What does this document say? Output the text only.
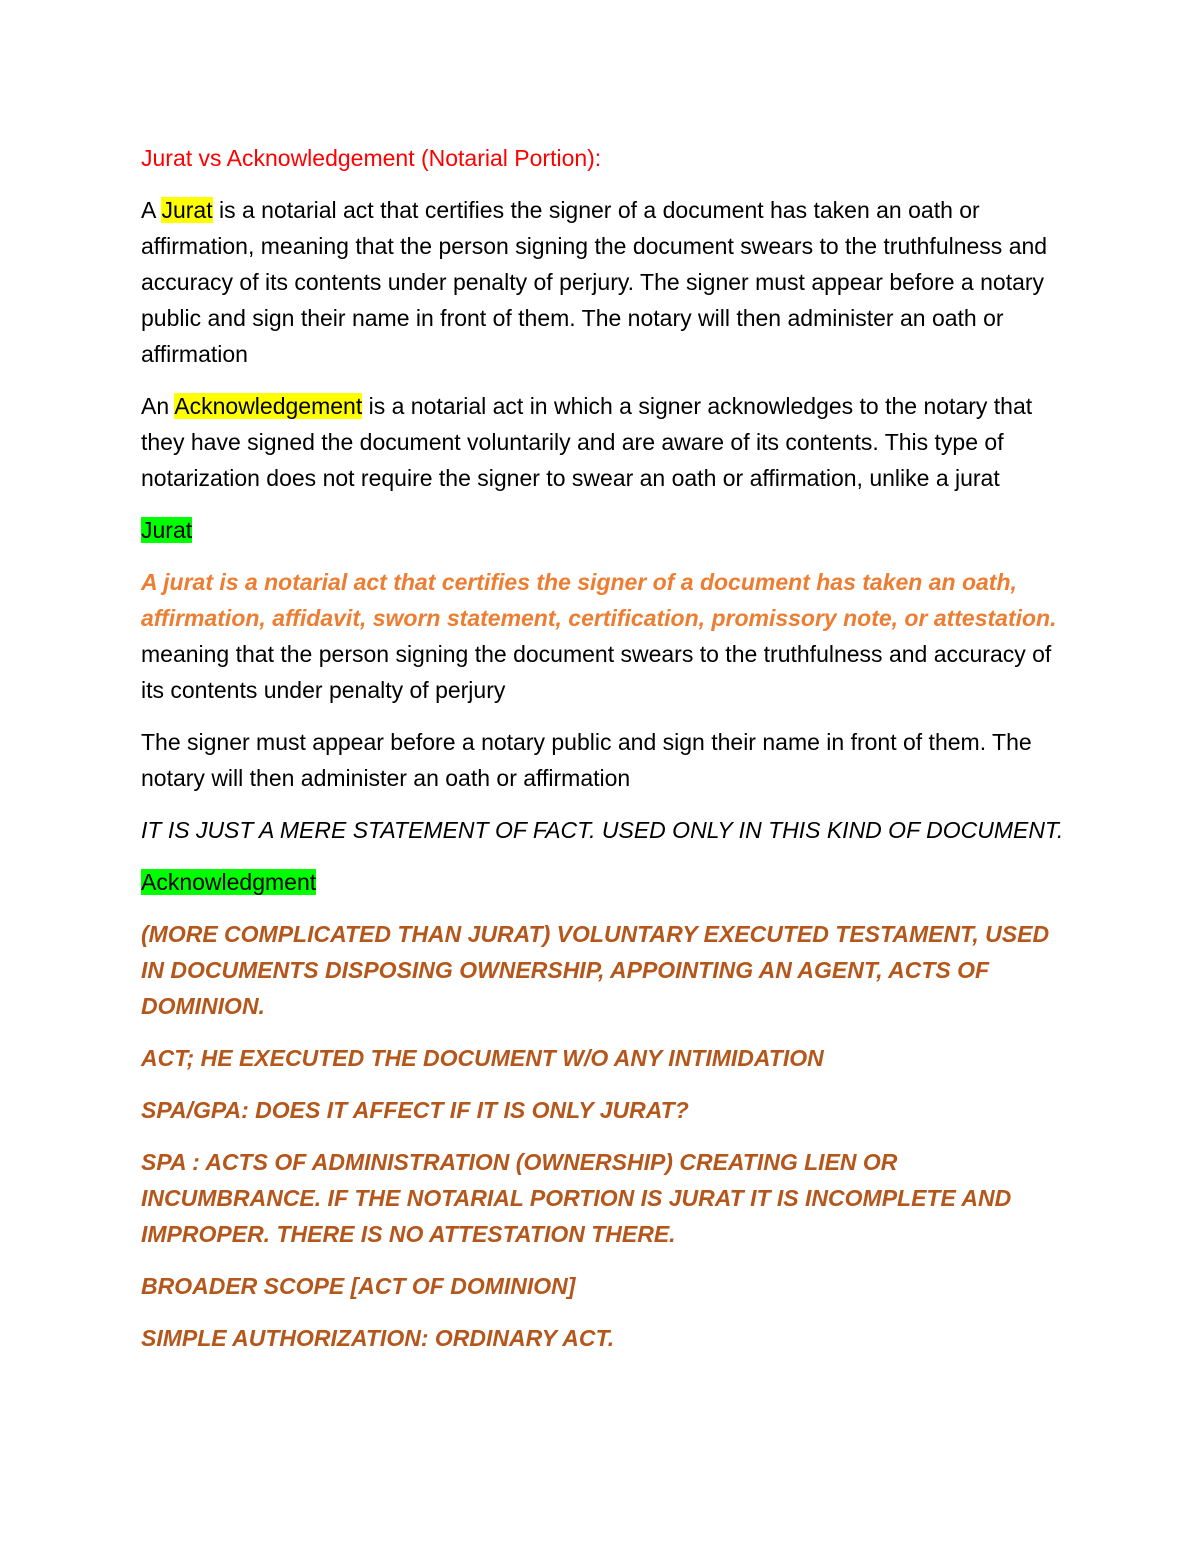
Jurat vs Acknowledgement (Notarial Portion):

A Jurat is a notarial act that certifies the signer of a document has taken an oath or affirmation, meaning that the person signing the document swears to the truthfulness and accuracy of its contents under penalty of perjury. The signer must appear before a notary public and sign their name in front of them. The notary will then administer an oath or affirmation

An Acknowledgement is a notarial act in which a signer acknowledges to the notary that they have signed the document voluntarily and are aware of its contents. This type of notarization does not require the signer to swear an oath or affirmation, unlike a jurat

Jurat

A jurat is a notarial act that certifies the signer of a document has taken an oath, affirmation, affidavit, sworn statement, certification, promissory note, or attestation. meaning that the person signing the document swears to the truthfulness and accuracy of its contents under penalty of perjury

The signer must appear before a notary public and sign their name in front of them. The notary will then administer an oath or affirmation

IT IS JUST A MERE STATEMENT OF FACT. USED ONLY IN THIS KIND OF DOCUMENT.

Acknowledgment

(MORE COMPLICATED THAN JURAT) VOLUNTARY EXECUTED TESTAMENT, USED IN DOCUMENTS DISPOSING OWNERSHIP, APPOINTING AN AGENT, ACTS OF DOMINION.

ACT; HE EXECUTED THE DOCUMENT W/O ANY INTIMIDATION

SPA/GPA: DOES IT AFFECT IF IT IS ONLY JURAT?

SPA : ACTS OF ADMINISTRATION (OWNERSHIP) CREATING LIEN OR INCUMBRANCE. IF THE NOTARIAL PORTION IS JURAT IT IS INCOMPLETE AND IMPROPER. THERE IS NO ATTESTATION THERE.

BROADER SCOPE [ACT OF DOMINION]

SIMPLE AUTHORIZATION: ORDINARY ACT.
